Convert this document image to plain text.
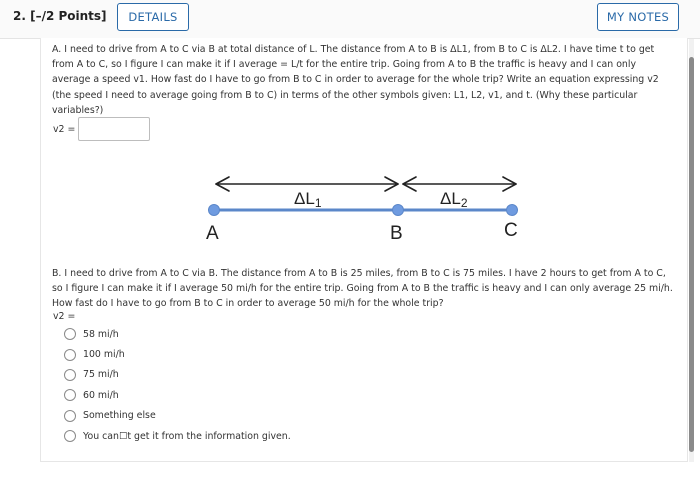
2. [–/2 Points]	DETAILS	MY NOTES
A. I need to drive from A to C via B at total distance of L. The distance from A to B is ΔL1, from B to C is ΔL2. I have time t to get from A to C, so I figure I can make it if I average = L/t for the entire trip. Going from A to B the traffic is heavy and I can only average a speed v1. How fast do I have to go from B to C in order to average for the whole trip? Write an equation expressing v2 (the speed I need to average going from B to C) in terms of the other symbols given: L1, L2, v1, and t. (Why these particular variables?)
v2 =
ΔL1	ΔL2
A	B	C
B. I need to drive from A to C via B. The distance from A to B is 25 miles, from B to C is 75 miles. I have 2 hours to get from A to C, so I figure I can make it if I average 50 mi/h for the entire trip. Going from A to B the traffic is heavy and I can only average 25 mi/h. How fast do I have to go from B to C in order to average 50 mi/h for the whole trip?
v2 =
58 mi/h
100 mi/h
75 mi/h
60 mi/h
Something else
You can☐t get it from the information given.
